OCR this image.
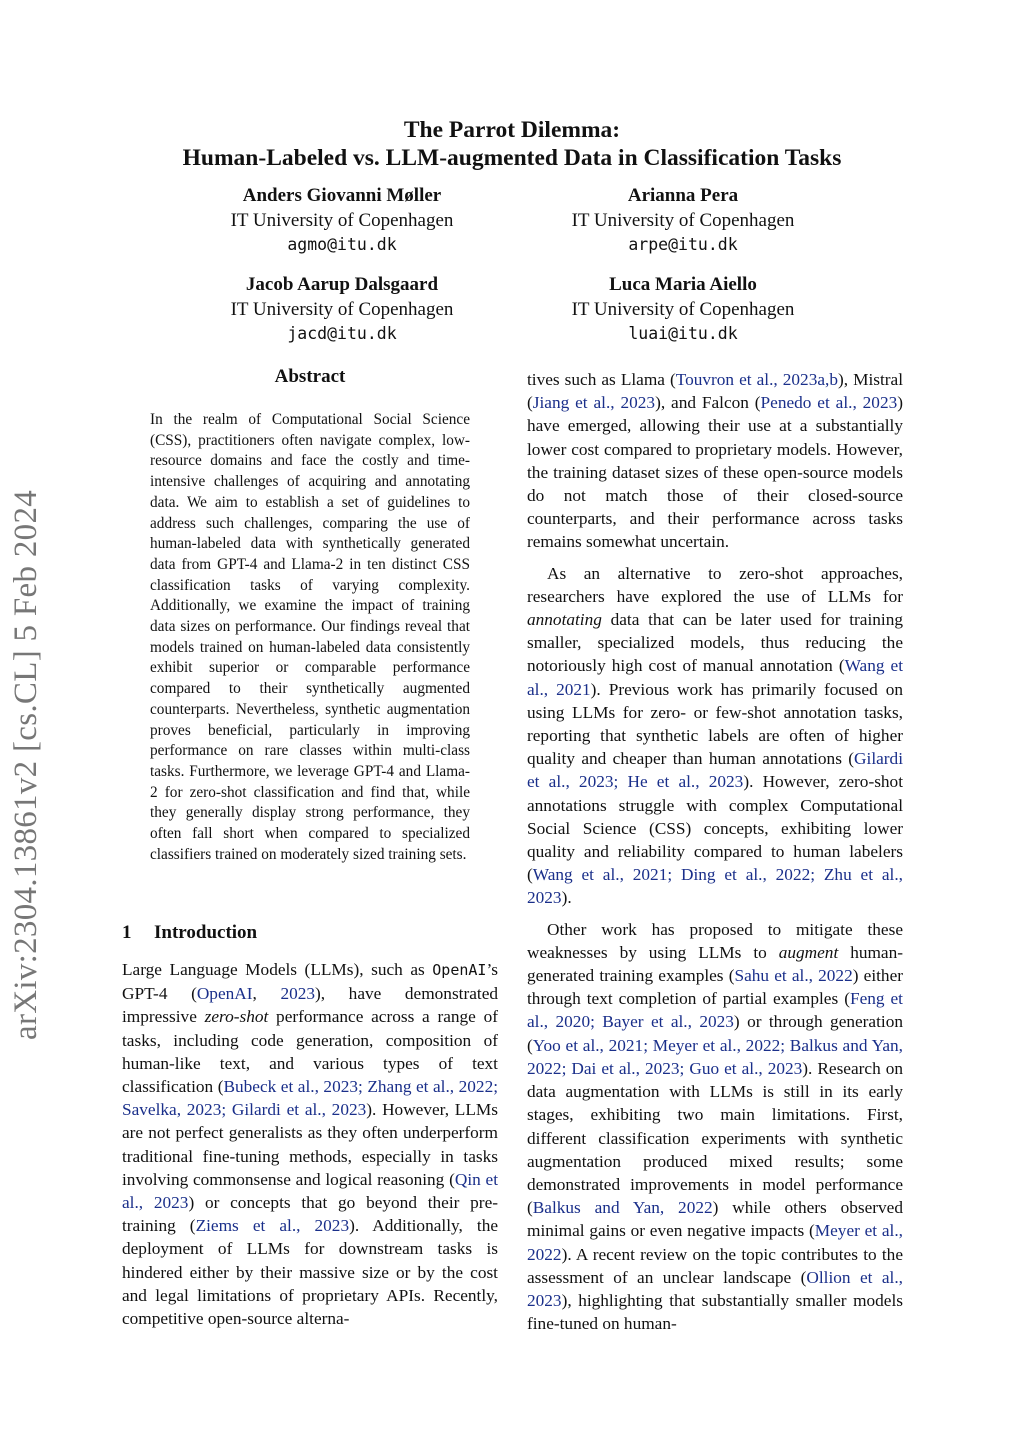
arXiv:2304.13861v2 [cs.CL] 5 Feb 2024
The Parrot Dilemma:
Human-Labeled vs. LLM-augmented Data in Classification Tasks
Anders Giovanni Møller
IT University of Copenhagen
agmo@itu.dk
Arianna Pera
IT University of Copenhagen
arpe@itu.dk
Jacob Aarup Dalsgaard
IT University of Copenhagen
jacd@itu.dk
Luca Maria Aiello
IT University of Copenhagen
luai@itu.dk
Abstract
In the realm of Computational Social Science (CSS), practitioners often navigate complex, low-resource domains and face the costly and time-intensive challenges of acquiring and annotating data. We aim to establish a set of guidelines to address such challenges, comparing the use of human-labeled data with synthetically generated data from GPT-4 and Llama-2 in ten distinct CSS classification tasks of varying complexity. Additionally, we examine the impact of training data sizes on performance. Our findings reveal that models trained on human-labeled data consistently exhibit superior or comparable performance compared to their synthetically augmented counterparts. Nevertheless, synthetic augmentation proves beneficial, particularly in improving performance on rare classes within multi-class tasks. Furthermore, we leverage GPT-4 and Llama-2 for zero-shot classification and find that, while they generally display strong performance, they often fall short when compared to specialized classifiers trained on moderately sized training sets.
1 Introduction

Large Language Models (LLMs), such as OpenAI’s GPT-4 (OpenAI, 2023), have demonstrated impressive zero-shot performance across a range of tasks, including code generation, composition of human-like text, and various types of text classification (Bubeck et al., 2023; Zhang et al., 2022; Savelka, 2023; Gilardi et al., 2023). However, LLMs are not perfect generalists as they often underperform traditional fine-tuning methods, especially in tasks involving commonsense and logical reasoning (Qin et al., 2023) or concepts that go beyond their pre-training (Ziems et al., 2023). Additionally, the deployment of LLMs for downstream tasks is hindered either by their massive size or by the cost and legal limitations of proprietary APIs. Recently, competitive open-source alterna-

tives such as Llama (Touvron et al., 2023a,b), Mistral (Jiang et al., 2023), and Falcon (Penedo et al., 2023) have emerged, allowing their use at a substantially lower cost compared to proprietary models. However, the training dataset sizes of these open-source models do not match those of their closed-source counterparts, and their performance across tasks remains somewhat uncertain.

As an alternative to zero-shot approaches, researchers have explored the use of LLMs for annotating data that can be later used for training smaller, specialized models, thus reducing the notoriously high cost of manual annotation (Wang et al., 2021). Previous work has primarily focused on using LLMs for zero- or few-shot annotation tasks, reporting that synthetic labels are often of higher quality and cheaper than human annotations (Gilardi et al., 2023; He et al., 2023). However, zero-shot annotations struggle with complex Computational Social Science (CSS) concepts, exhibiting lower quality and reliability compared to human labelers (Wang et al., 2021; Ding et al., 2022; Zhu et al., 2023).

Other work has proposed to mitigate these weaknesses by using LLMs to augment human-generated training examples (Sahu et al., 2022) either through text completion of partial examples (Feng et al., 2020; Bayer et al., 2023) or through generation (Yoo et al., 2021; Meyer et al., 2022; Balkus and Yan, 2022; Dai et al., 2023; Guo et al., 2023). Research on data augmentation with LLMs is still in its early stages, exhibiting two main limitations. First, different classification experiments with synthetic augmentation produced mixed results; some demonstrated improvements in model performance (Balkus and Yan, 2022) while others observed minimal gains or even negative impacts (Meyer et al., 2022). A recent review on the topic contributes to the assessment of an unclear landscape (Ollion et al., 2023), highlighting that substantially smaller models fine-tuned on human-
